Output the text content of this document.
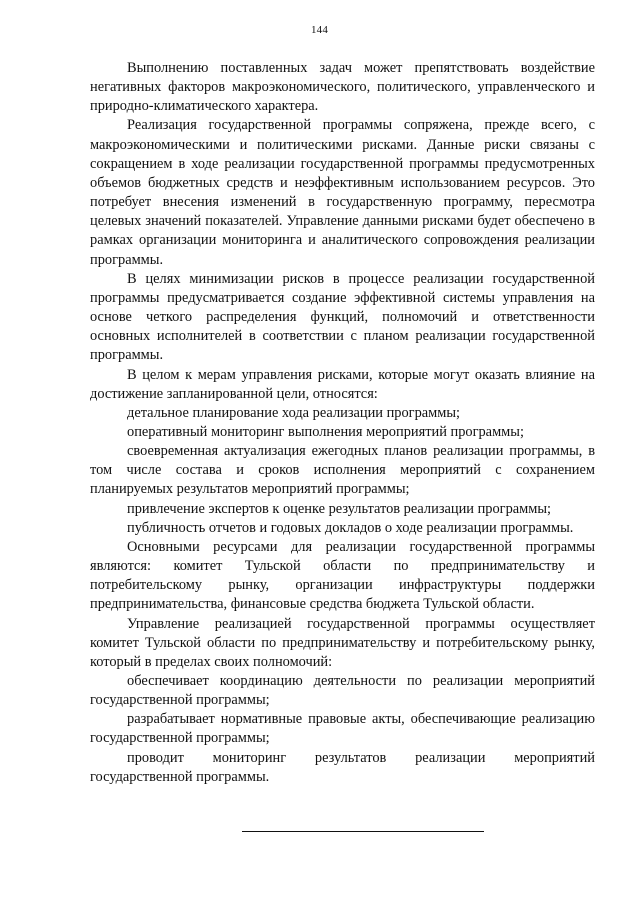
144

Выполнению поставленных задач может препятствовать воздействие негативных факторов макроэкономического, политического, управленческого и природно-климатического характера.

Реализация государственной программы сопряжена, прежде всего, с макроэкономическими и политическими рисками. Данные риски связаны с сокращением в ходе реализации государственной программы предусмотренных объемов бюджетных средств и неэффективным использованием ресурсов. Это потребует внесения изменений в государственную программу, пересмотра целевых значений показателей. Управление данными рисками будет обеспечено в рамках организации мониторинга и аналитического сопровождения реализации программы.

В целях минимизации рисков в процессе реализации государственной программы предусматривается создание эффективной системы управления на основе четкого распределения функций, полномочий и ответственности основных исполнителей в соответствии с планом реализации государственной программы.

В целом к мерам управления рисками, которые могут оказать влияние на достижение запланированной цели, относятся:

детальное планирование хода реализации программы;

оперативный мониторинг выполнения мероприятий программы;

своевременная актуализация ежегодных планов реализации программы, в том числе состава и сроков исполнения мероприятий с сохранением планируемых результатов мероприятий программы;

привлечение экспертов к оценке результатов реализации программы;

публичность отчетов и годовых докладов о ходе реализации программы.

Основными ресурсами для реализации государственной программы являются: комитет Тульской области по предпринимательству и потребительскому рынку, организации инфраструктуры поддержки предпринимательства, финансовые средства бюджета Тульской области.

Управление реализацией государственной программы осуществляет комитет Тульской области по предпринимательству и потребительскому рынку, который в пределах своих полномочий:

обеспечивает координацию деятельности по реализации мероприятий государственной программы;

разрабатывает нормативные правовые акты, обеспечивающие реализацию государственной программы;

проводит мониторинг результатов реализации мероприятий государственной программы.
